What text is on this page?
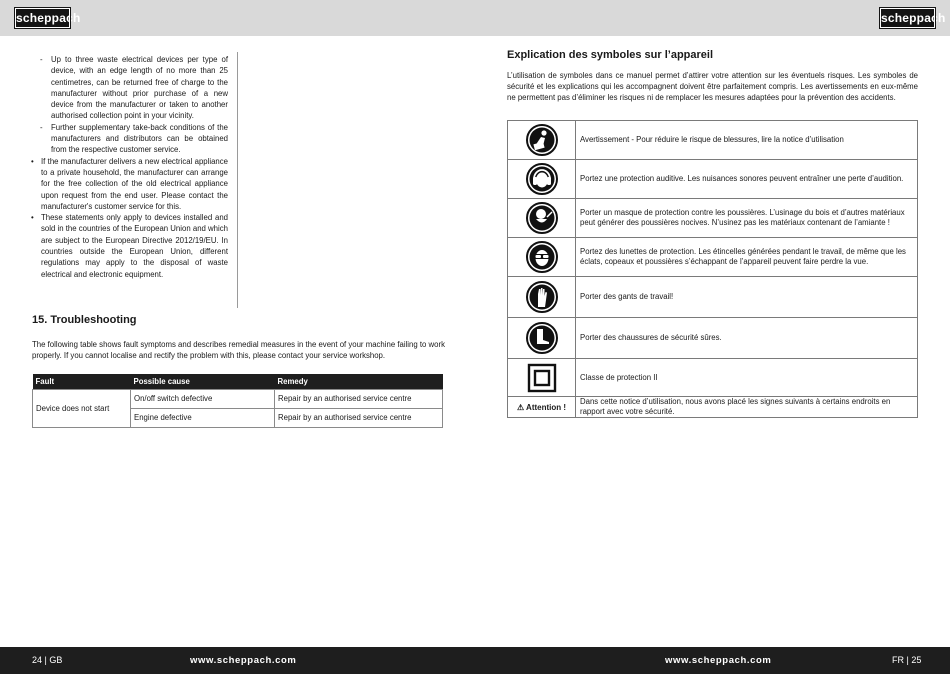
scheppach	scheppach
- Up to three waste electrical devices per type of device, with an edge length of no more than 25 centimetres, can be returned free of charge to the manufacturer without prior purchase of a new device from the manufacturer or taken to another authorised collection point in your vicinity.
- Further supplementary take-back conditions of the manufacturers and distributors can be obtained from the respective customer service.
• If the manufacturer delivers a new electrical appliance to a private household, the manufacturer can arrange for the free collection of the old electrical appliance upon request from the end user. Please contact the manufacturer's customer service for this.
• These statements only apply to devices installed and sold in the countries of the European Union and which are subject to the European Directive 2012/19/EU. In countries outside the European Union, different regulations may apply to the disposal of waste electrical and electronic equipment.
15. Troubleshooting
The following table shows fault symptoms and describes remedial measures in the event of your machine failing to work properly. If you cannot localise and rectify the problem with this, please contact your service workshop.
Fault	Possible cause	Remedy
Device does not start	On/off switch defective	Repair by an authorised service centre
	Engine defective	Repair by an authorised service centre
Explication des symboles sur l’appareil
L’utilisation de symboles dans ce manuel permet d’attirer votre attention sur les éventuels risques. Les symboles de sécurité et les explications qui les accompagnent doivent être parfaitement compris. Les avertissements en eux-même ne permettent pas d’éliminer les risques ni de remplacer les mesures adaptées pour la prévention des accidents.
	Avertissement - Pour réduire le risque de blessures, lire la notice d’utilisation

	Portez une protection auditive. Les nuisances sonores peuvent entraîner une perte d’audition.

	Porter un masque de protection contre les poussières. L’usinage du bois et d’autres matériaux peut générer des poussières nocives. N’usinez pas les matériaux contenant de l’amiante !

	Portez des lunettes de protection. Les étincelles générées pendant le travail, de même que les éclats, copeaux et poussières s’échappant de l’appareil peuvent faire perdre la vue.

	Porter des gants de travail!

	Porter des chaussures de sécurité sûres.

	Classe de protection II
⚠ Attention !	Dans cette notice d’utilisation, nous avons placé les signes suivants à certains endroits en rapport avec votre sécurité.
24 | GB	www.scheppach.com	www.scheppach.com	FR | 25
